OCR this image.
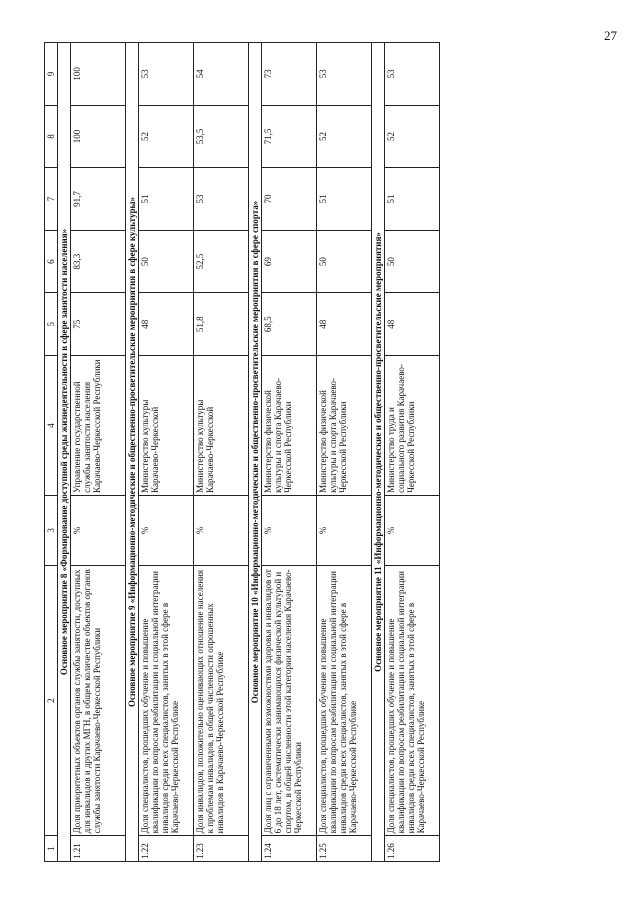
27
1	2	3	4	5	6	7	8	9
Основное мероприятие 8 «Формирование доступной среды жизнедеятельности в сфере занятости населения»								
1.21	Доля приоритетных объектов органов службы занятости, доступных для инвалидов и других МГН, в общем количестве объектов органов службы занятости Карачаево-Черкесской Республики	%	Управление государственной службы занятости населения Карачаево-Черкесской Республики	75	83,3	91,7	100	100
Основное мероприятие 9 «Информационно-методические и общественно-просветительские мероприятия в сфере культуры»								
1.22	Доля специалистов, прошедших обучение и повышение квалификации по вопросам реабилитации и социальной интеграции инвалидов среди всех специалистов, занятых в этой сфере в Карачаево-Черкесской Республике	%	Министерство культуры Карачаево-Черкесской	48	50	51	52	53
1.23	Доля инвалидов, положительно оценивающих отношение населения к проблемам инвалидов, в общей численности опрошенных инвалидов в Карачаево-Черкесской Республике	%	Министерство культуры Карачаево-Черкесской	51,8	52,5	53	53,5	54
Основное мероприятие 10 «Информационно-методические и общественно-просветительские мероприятия в сфере спорта»								
1.24	Доля лиц с ограниченными возможностями здоровья и инвалидов от 6 до 18 лет, систематически занимающихся физической культурой и спортом, в общей численности этой категории населения Карачаево-Черкесской Республики	%	Министерство физической культуры и спорта Карачаево-Черкесской Республики	68,5	69	70	71,5	73
1.25	Доля специалистов, прошедших обучение и повышение квалификации по вопросам реабилитации и социальной интеграции инвалидов среди всех специалистов, занятых в этой сфере в Карачаево-Черкесской Республике	%	Министерство физической культуры и спорта Карачаево-Черкесской Республики	48	50	51	52	53
Основное мероприятие 11 «Информационно-методические и общественно-просветительские мероприятия»								
1.26	Доля специалистов, прошедших обучение и повышение квалификации по вопросам реабилитации и социальной интеграции инвалидов среди всех специалистов, занятых в этой сфере в Карачаево-Черкесской Республике	%	Министерство труда и социального развития Карачаево-Черкесской Республики	48	50	51	52	53
